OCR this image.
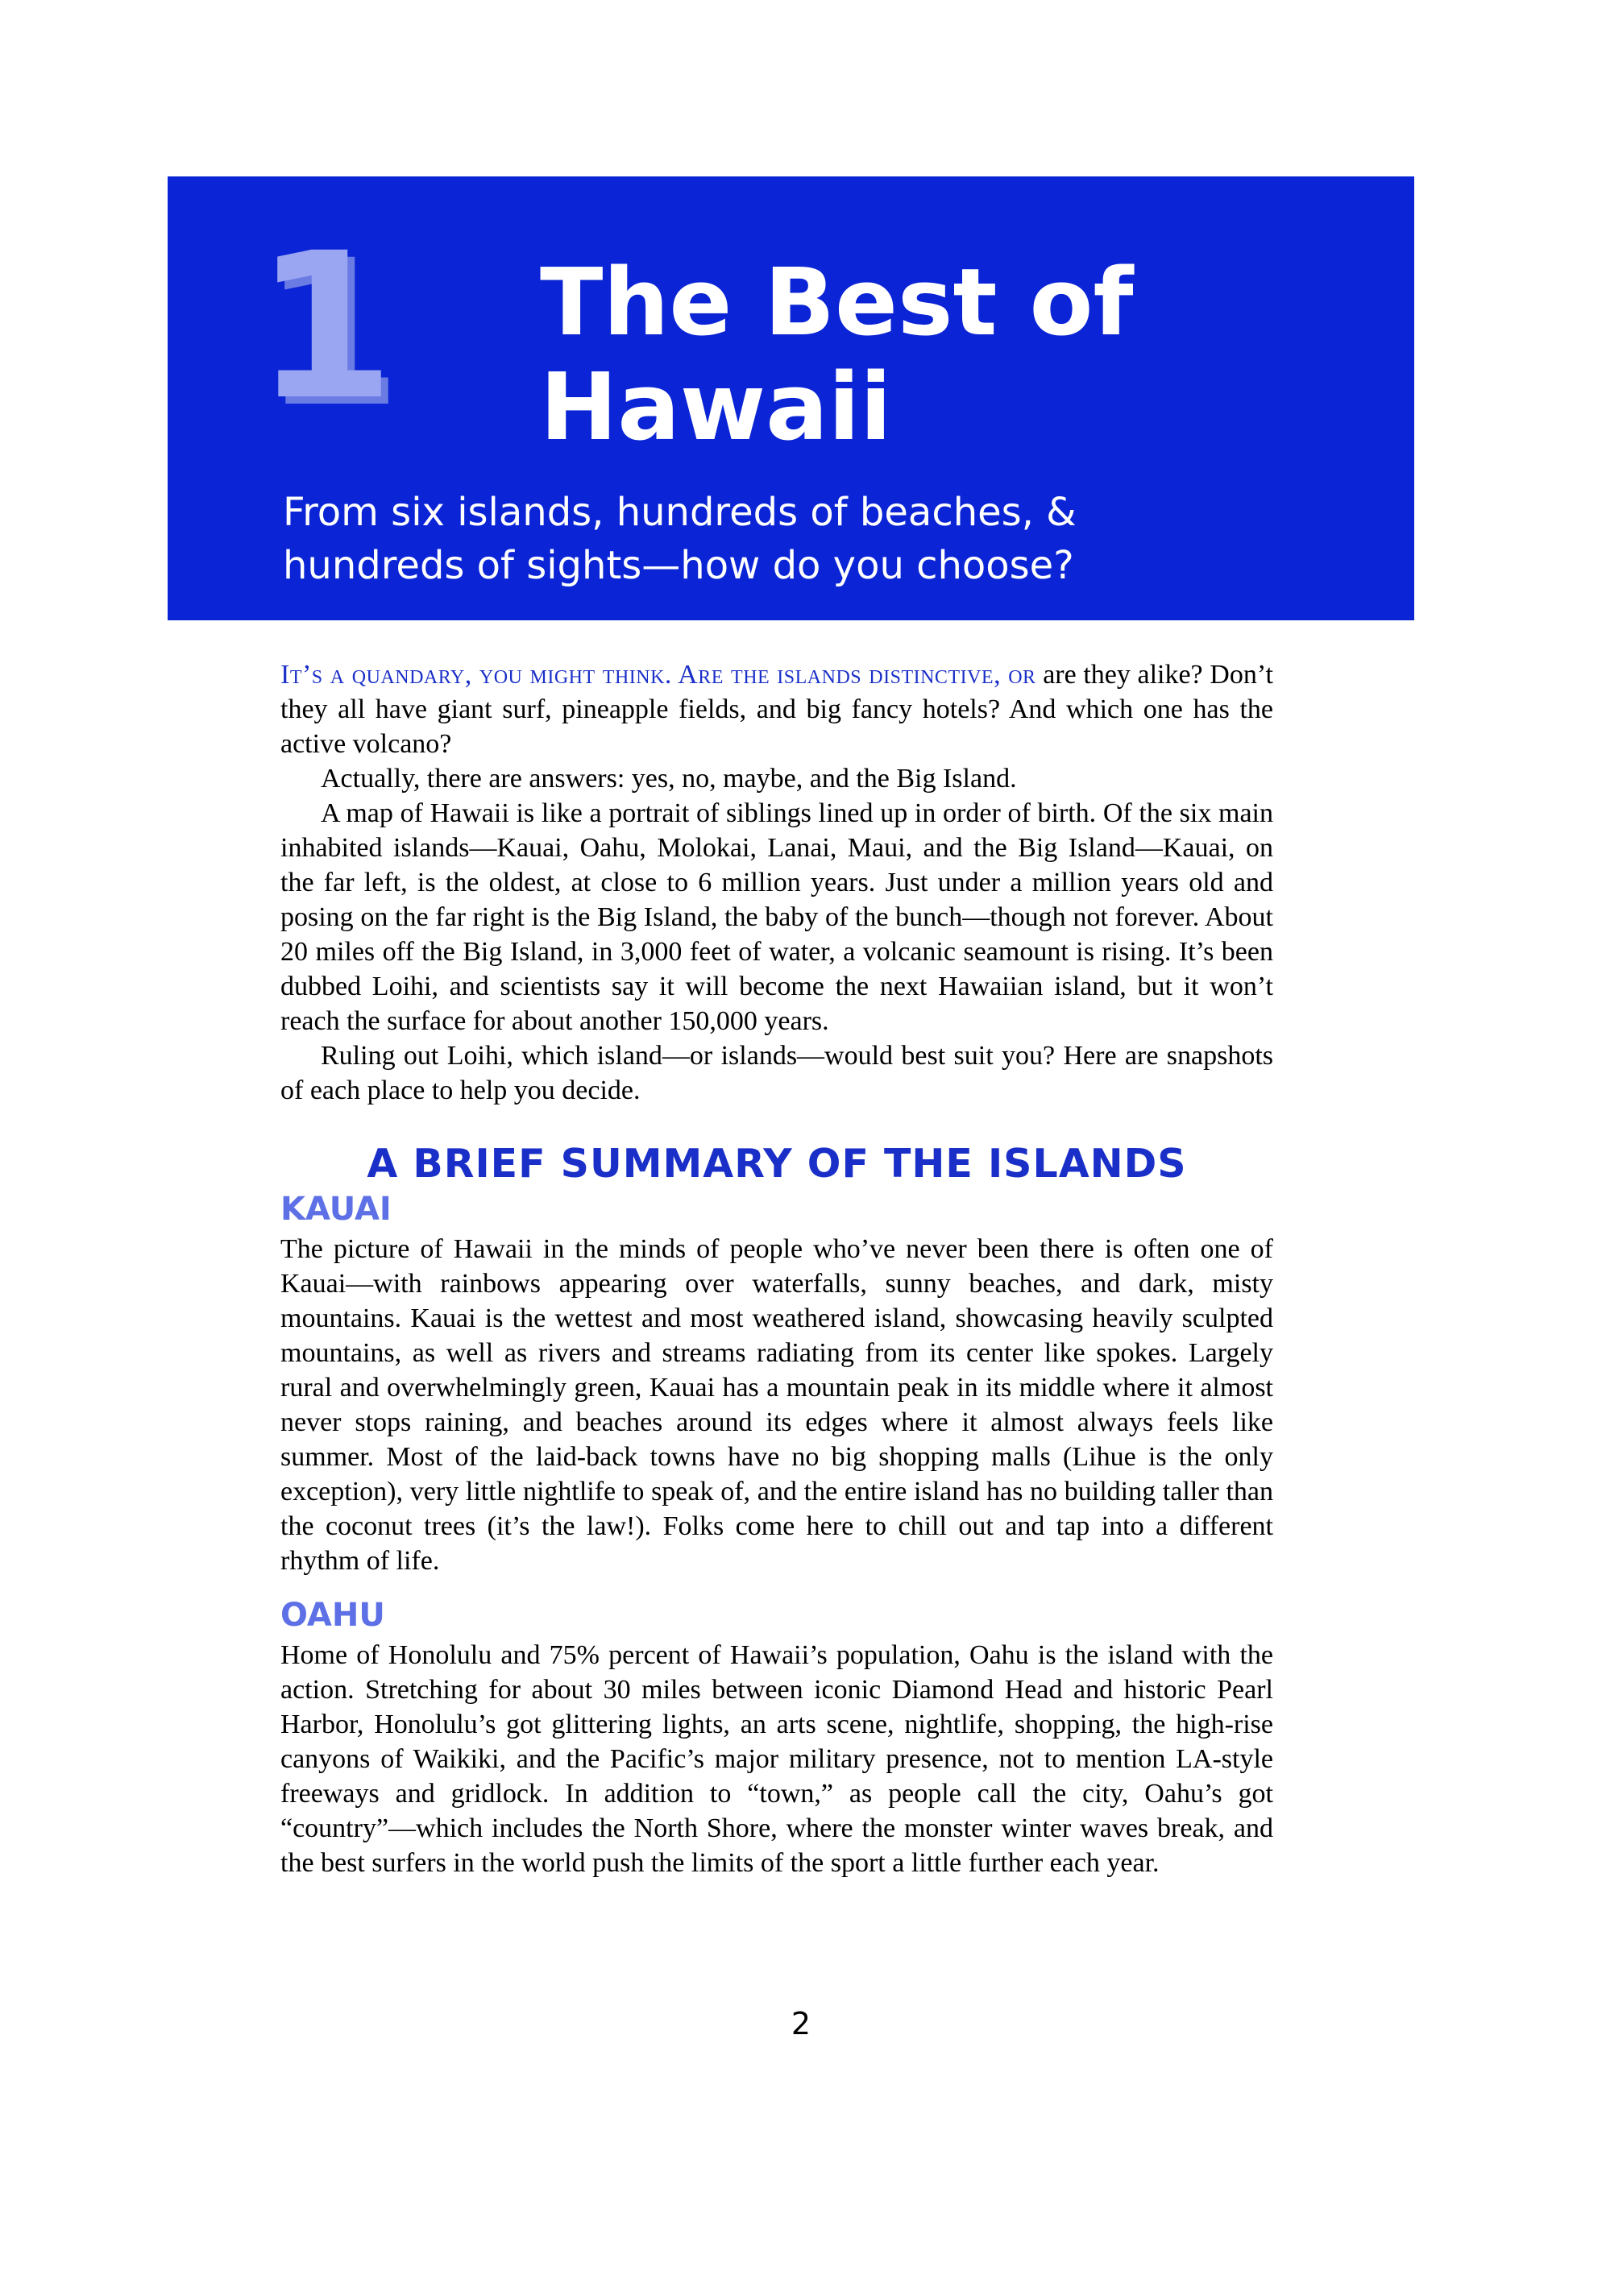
1 The Best of
Hawaii

From six islands, hundreds of beaches, &
hundreds of sights—how do you choose?

It’s a quandary, you might think. Are the islands distinctive, or are they alike? Don’t they all have giant surf, pineapple fields, and big fancy hotels? And which one has the active volcano?

Actually, there are answers: yes, no, maybe, and the Big Island.

A map of Hawaii is like a portrait of siblings lined up in order of birth. Of the six main inhabited islands—Kauai, Oahu, Molokai, Lanai, Maui, and the Big Island—Kauai, on the far left, is the oldest, at close to 6 million years. Just under a million years old and posing on the far right is the Big Island, the baby of the bunch—though not forever. About 20 miles off the Big Island, in 3,000 feet of water, a volcanic seamount is rising. It’s been dubbed Loihi, and scientists say it will become the next Hawaiian island, but it won’t reach the surface for about another 150,000 years.

Ruling out Loihi, which island—or islands—would best suit you? Here are snapshots of each place to help you decide.

A BRIEF SUMMARY OF THE ISLANDS
KAUAI

The picture of Hawaii in the minds of people who’ve never been there is often one of Kauai—with rainbows appearing over waterfalls, sunny beaches, and dark, misty mountains. Kauai is the wettest and most weathered island, showcasing heavily sculpted mountains, as well as rivers and streams radiating from its center like spokes. Largely rural and overwhelmingly green, Kauai has a mountain peak in its middle where it almost never stops raining, and beaches around its edges where it almost always feels like summer. Most of the laid-back towns have no big shopping malls (Lihue is the only exception), very little nightlife to speak of, and the entire island has no building taller than the coconut trees (it’s the law!). Folks come here to chill out and tap into a different rhythm of life.

OAHU

Home of Honolulu and 75% percent of Hawaii’s population, Oahu is the island with the action. Stretching for about 30 miles between iconic Diamond Head and historic Pearl Harbor, Honolulu’s got glittering lights, an arts scene, nightlife, shopping, the high-rise canyons of Waikiki, and the Pacific’s major military presence, not to mention LA-style freeways and gridlock. In addition to “town,” as people call the city, Oahu’s got “country”—which includes the North Shore, where the monster winter waves break, and the best surfers in the world push the limits of the sport a little further each year.

2
